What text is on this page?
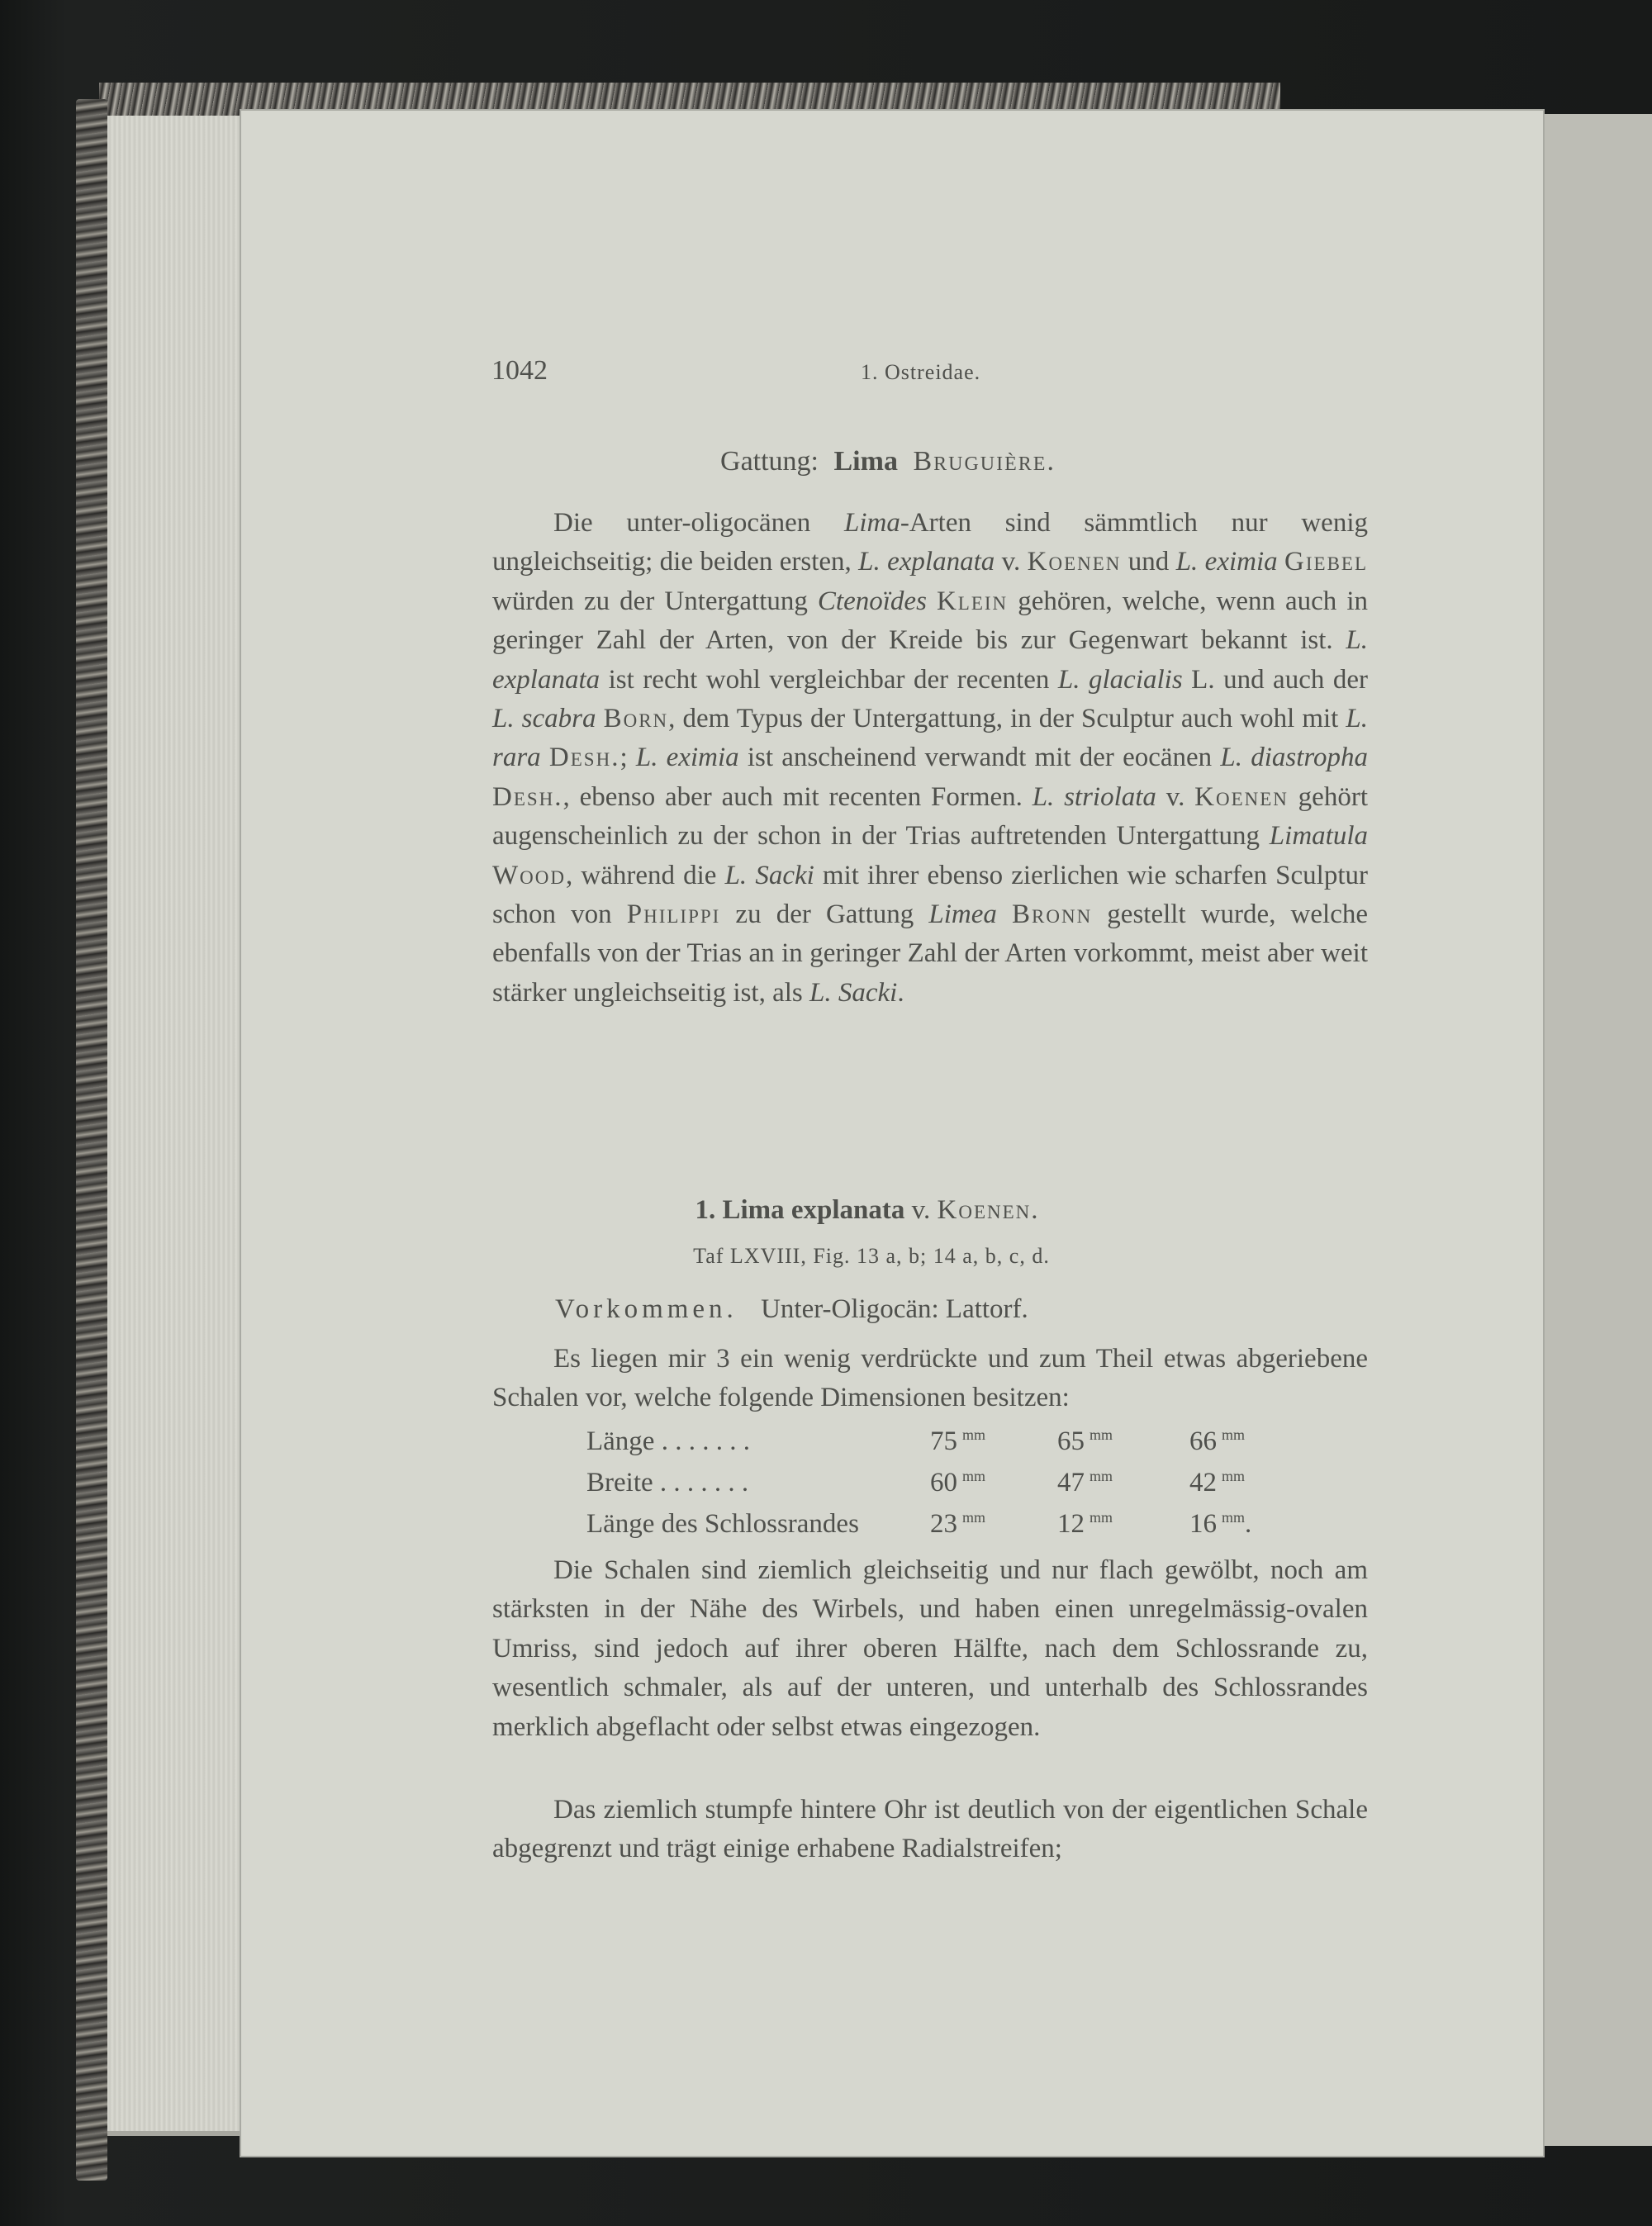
1042	1. Ostreidae.
Gattung: Lima Bruguière.

Die unter-oligocänen Lima-Arten sind sämmtlich nur wenig ungleichseitig; die beiden ersten, L. explanata v. Koenen und L. eximia Giebel würden zu der Untergattung Ctenoïdes Klein gehören, welche, wenn auch in geringer Zahl der Arten, von der Kreide bis zur Gegenwart bekannt ist. L. explanata ist recht wohl vergleichbar der recenten L. glacialis L. und auch der L. scabra Born, dem Typus der Untergattung, in der Sculptur auch wohl mit L. rara Desh.; L. eximia ist anscheinend verwandt mit der eocänen L. diastropha Desh., ebenso aber auch mit recenten Formen. L. striolata v. Koenen gehört augenscheinlich zu der schon in der Trias auftretenden Untergattung Limatula Wood, während die L. Sacki mit ihrer ebenso zierlichen wie scharfen Sculptur schon von Philippi zu der Gattung Limea Bronn gestellt wurde, welche ebenfalls von der Trias an in geringer Zahl der Arten vorkommt, meist aber weit stärker ungleichseitig ist, als L. Sacki.

1. Lima explanata v. Koenen.
Taf LXVIII, Fig. 13 a, b; 14 a, b, c, d.
Vorkommen. Unter-Oligocän: Lattorf.

Es liegen mir 3 ein wenig verdrückte und zum Theil etwas abgeriebene Schalen vor, welche folgende Dimensionen besitzen:

Länge . . . . . . .	75 $^{mm}$	65 $^{mm}$	66 $^{mm}$
Breite . . . . . . .	60 $^{mm}$	47 $^{mm}$	42 $^{mm}$
Länge des Schlossrandes	23 $^{mm}$	12 $^{mm}$	16 $^{mm}$.

Die Schalen sind ziemlich gleichseitig und nur flach gewölbt, noch am stärksten in der Nähe des Wirbels, und haben einen unregelmässig-ovalen Umriss, sind jedoch auf ihrer oberen Hälfte, nach dem Schlossrande zu, wesentlich schmaler, als auf der unteren, und unterhalb des Schlossrandes merklich abgeflacht oder selbst etwas eingezogen.

Das ziemlich stumpfe hintere Ohr ist deutlich von der eigentlichen Schale abgegrenzt und trägt einige erhabene Radialstreifen;
